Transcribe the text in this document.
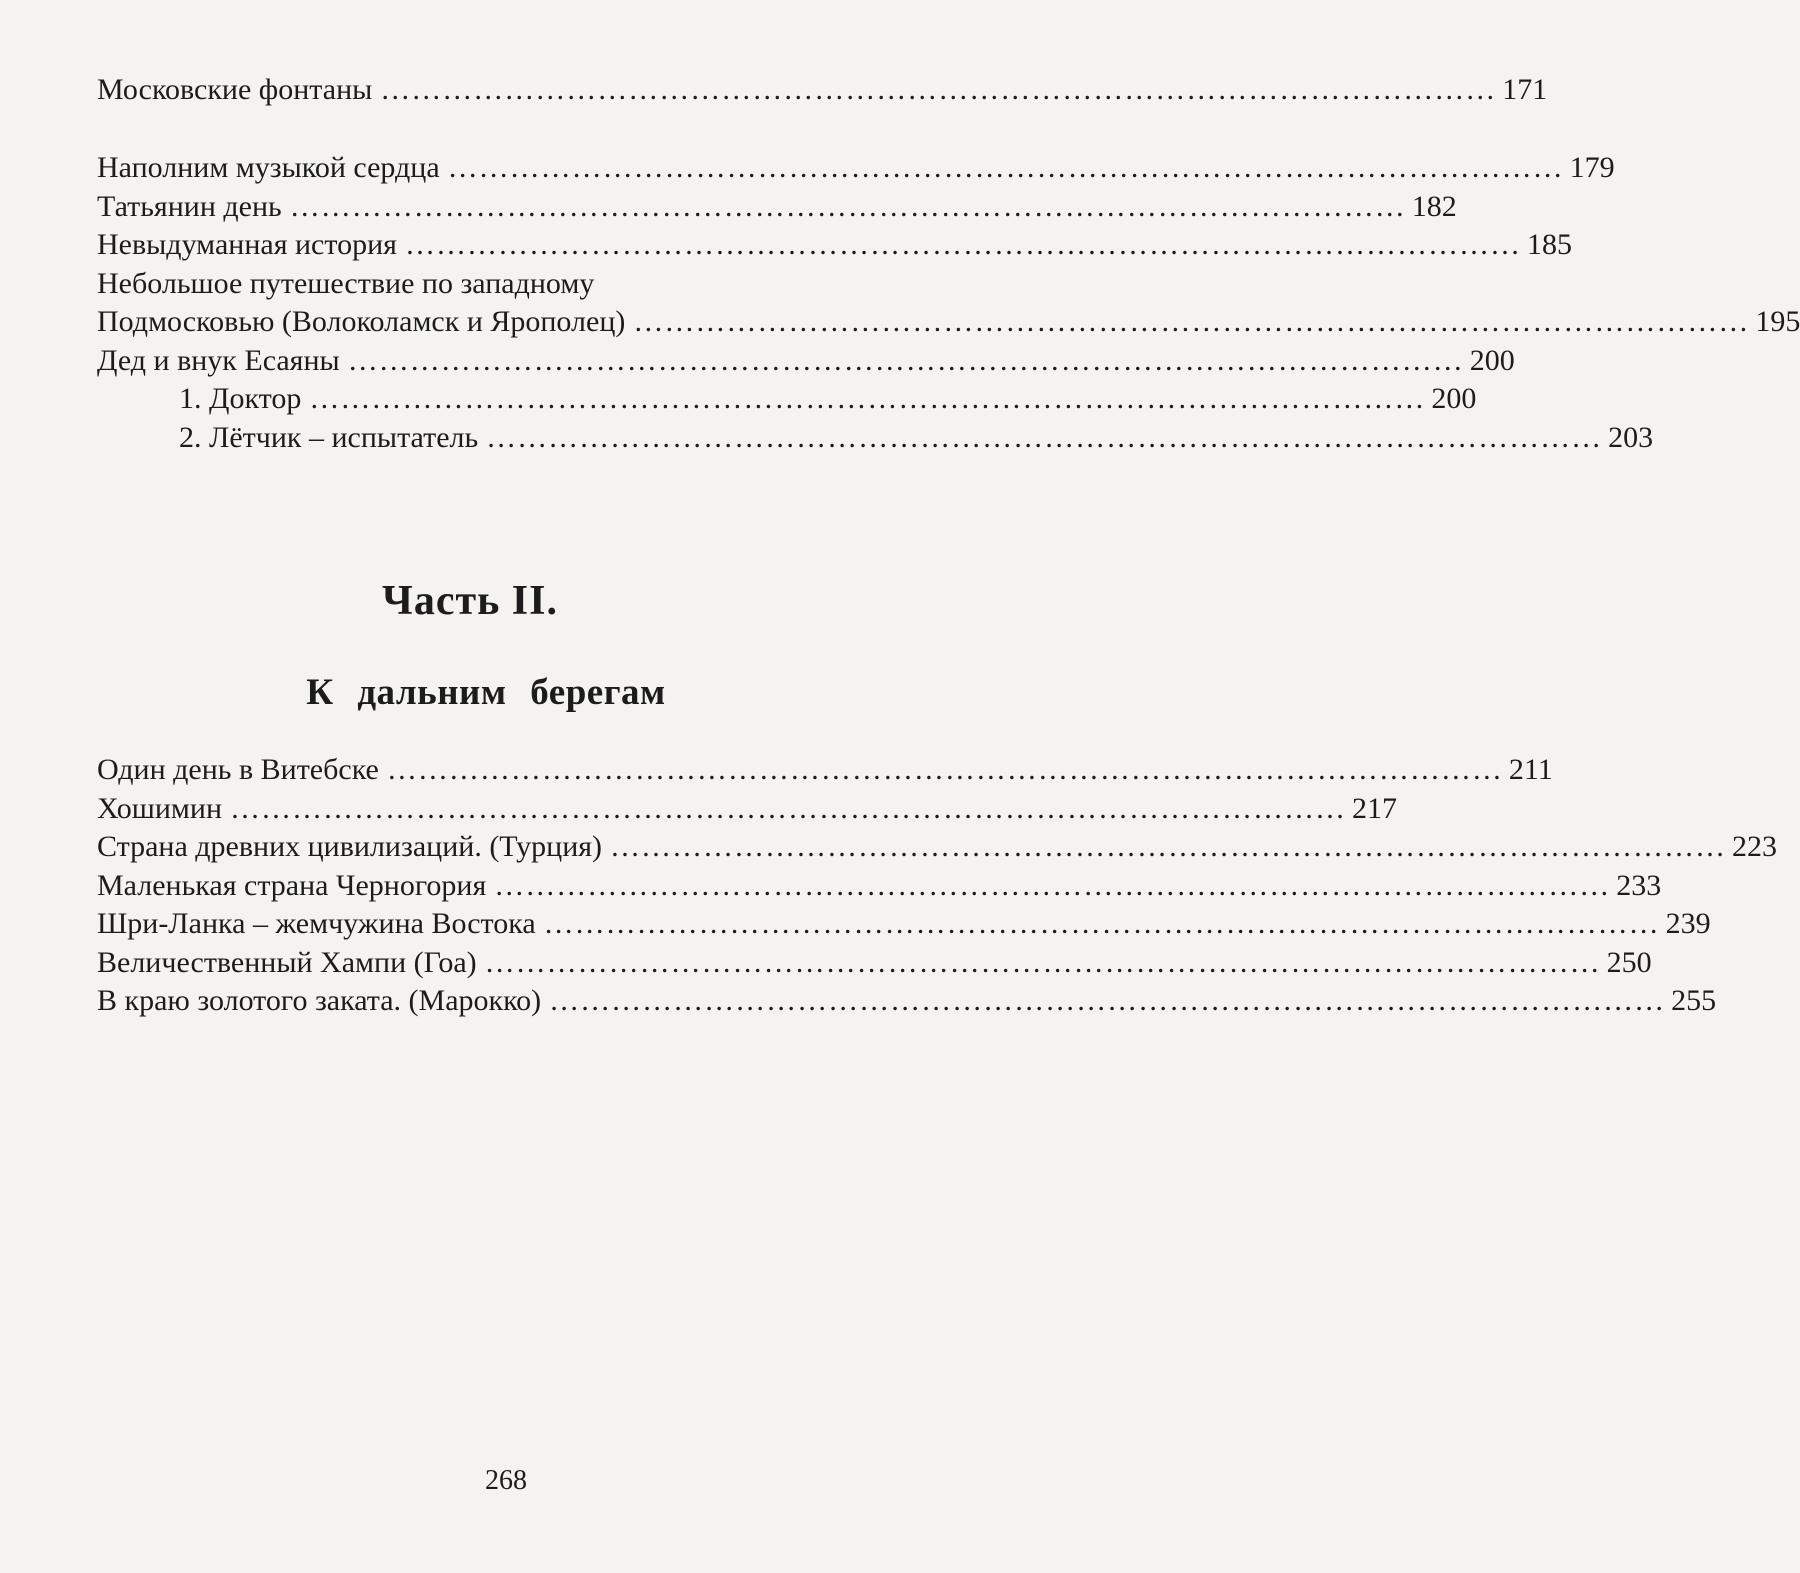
Московские фонтаны ……………………………………………………………………………………………… 171
Наполним музыкой сердца ……………………………………………………………………………………………… 179
Татьянин день ……………………………………………………………………………………………… 182
Невыдуманная история ……………………………………………………………………………………………… 185
Небольшое путешествие по западному
Подмосковью (Волоколамск и Ярополец) ……………………………………………………………………………………………… 195
Дед и внук Есаяны ……………………………………………………………………………………………… 200
1. Доктор ……………………………………………………………………………………………… 200
2. Лётчик – испытатель ……………………………………………………………………………………………… 203
Часть II.
К дальним берегам
Один день в Витебске ……………………………………………………………………………………………… 211
Хошимин ……………………………………………………………………………………………… 217
Страна древних цивилизаций. (Турция) ……………………………………………………………………………………………… 223
Маленькая страна Черногория ……………………………………………………………………………………………… 233
Шри-Ланка – жемчужина Востока ……………………………………………………………………………………………… 239
Величественный Хампи (Гоа) ……………………………………………………………………………………………… 250
В краю золотого заката. (Марокко) ……………………………………………………………………………………………… 255
268
